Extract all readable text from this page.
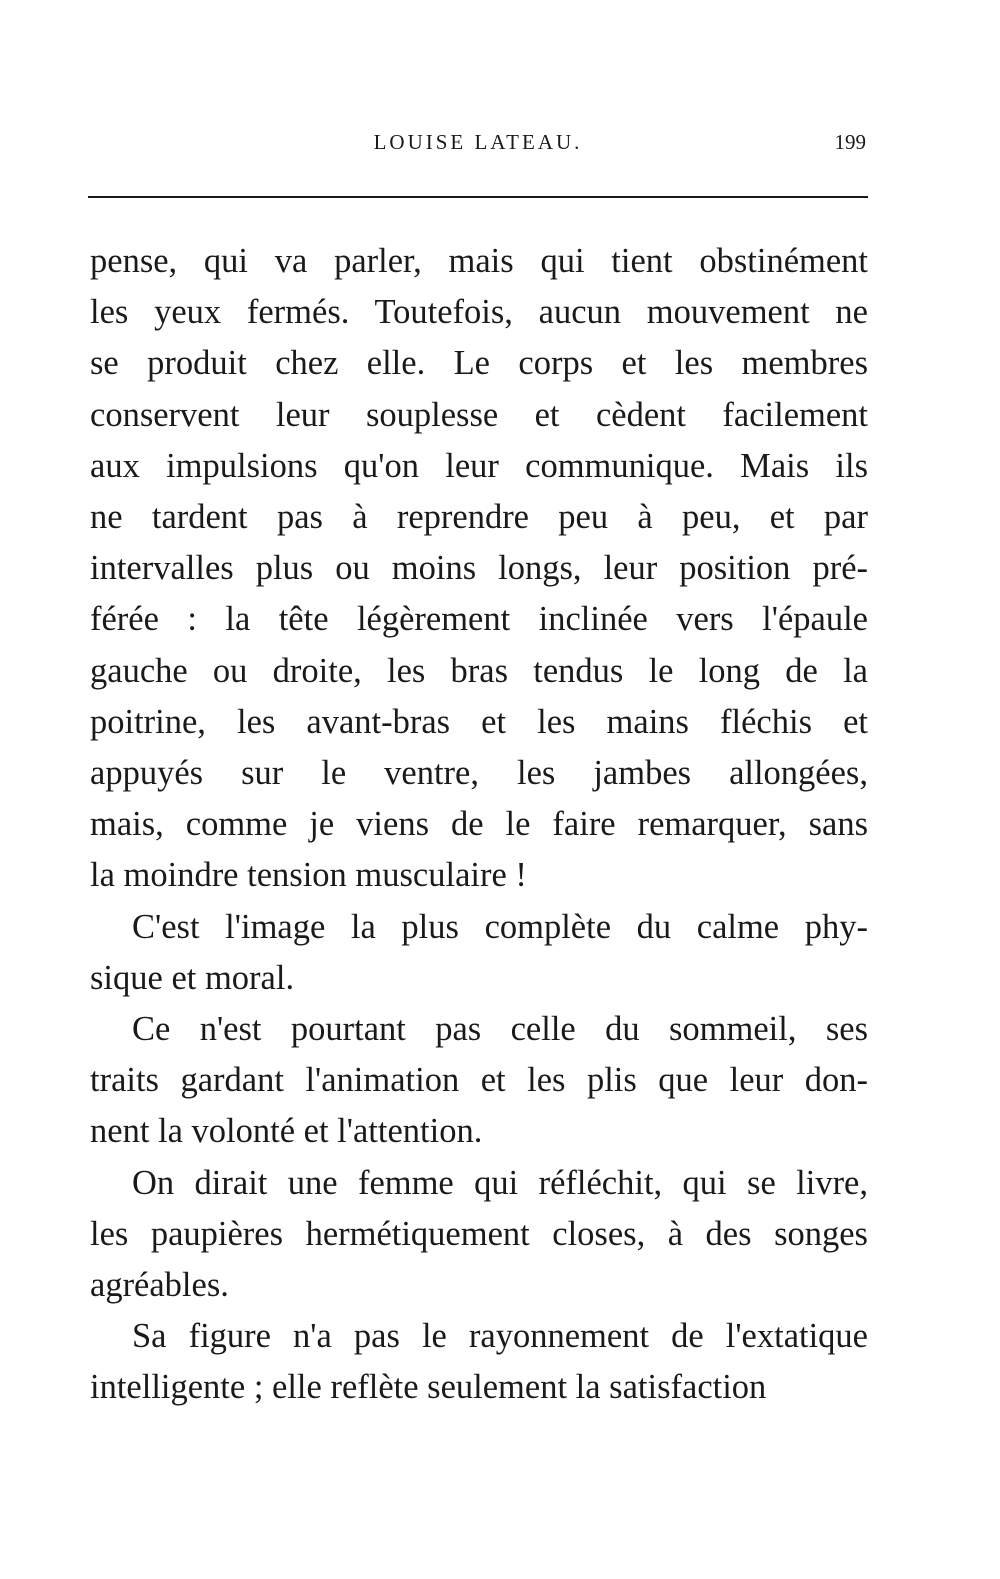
LOUISE LATEAU.	199
pense, qui va parler, mais qui tient obstinément
les yeux fermés. Toutefois, aucun mouvement ne
se produit chez elle. Le corps et les membres
conservent leur souplesse et cèdent facilement
aux impulsions qu'on leur communique. Mais ils
ne tardent pas à reprendre peu à peu, et par
intervalles plus ou moins longs, leur position pré-
férée : la tête légèrement inclinée vers l'épaule
gauche ou droite, les bras tendus le long de la
poitrine, les avant-bras et les mains fléchis et
appuyés sur le ventre, les jambes allongées,
mais, comme je viens de le faire remarquer, sans
la moindre tension musculaire !
C'est l'image la plus complète du calme phy-
sique et moral.
Ce n'est pourtant pas celle du sommeil, ses
traits gardant l'animation et les plis que leur don-
nent la volonté et l'attention.
On dirait une femme qui réfléchit, qui se livre,
les paupières hermétiquement closes, à des songes
agréables.
Sa figure n'a pas le rayonnement de l'extatique
intelligente ; elle reflète seulement la satisfaction
